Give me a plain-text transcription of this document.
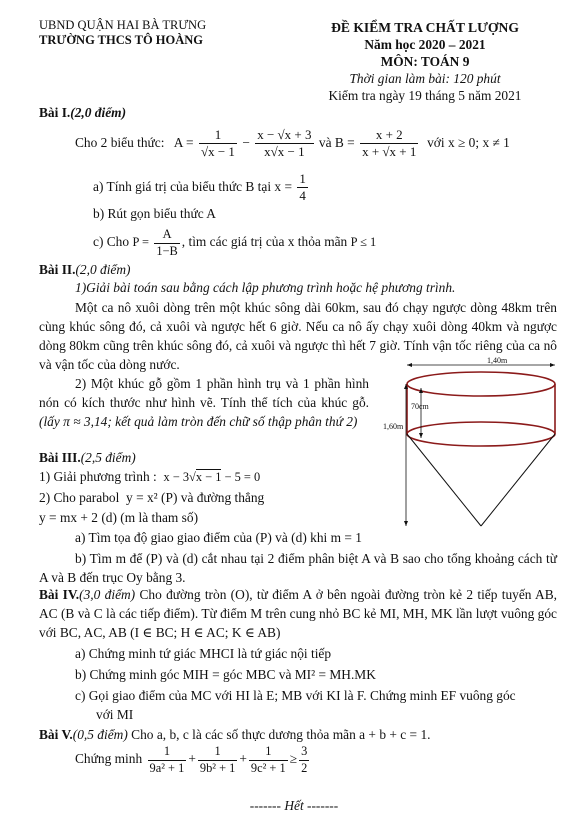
UBND QUẬN HAI BÀ TRƯNG
TRƯỜNG THCS TÔ HOÀNG
ĐỀ KIỂM TRA CHẤT LƯỢNG
Năm học 2020 – 2021
MÔN: TOÁN 9
Thời gian làm bài: 120 phút
Kiểm tra ngày 19 tháng 5 năm 2021
Bài I.(2,0 điểm)
Cho 2 biểu thức: $A = \frac{1}{√x - 1} - \frac{x - √x + 3}{x√x - 1}$ và $B = \frac{x + 2}{x + √x + 1}$ với x ≥ 0; x ≠ 1
a) Tính giá trị của biểu thức B tại $x = \frac{1}{4}$
b) Rút gọn biểu thức A
c) Cho $P = \frac{A}{1-B}$ , tìm các giá trị của x thỏa mãn P ≤ 1
Bài II.(2,0 điểm)
1)Giải bài toán sau bằng cách lập phương trình hoặc hệ phương trình.
Một ca nô xuôi dòng trên một khúc sông dài 60km, sau đó chạy ngược dòng 48km trên cùng khúc sông đó, cả xuôi và ngược hết 6 giờ. Nếu ca nô ấy chạy xuôi dòng 40km và ngược dòng 80km cũng trên khúc sông đó, cả xuôi và ngược thì hết 7 giờ. Tính vận tốc riêng của ca nô và vận tốc của dòng nước.
2) Một khúc gỗ gồm 1 phần hình trụ và 1 phần hình nón có kích thước như hình vẽ. Tính thể tích của khúc gỗ. (lấy π ≈ 3,14; kết quả làm tròn đến chữ số thập phân thứ 2)
1,40m
70cm
1,60m
Bài III.(2,5 điểm)
1) Giải phương trình : x − 3√x − 1 − 5 = 0
2) Cho parabol y = x² (P) và đường thẳng
y = mx + 2 (d) (m là tham số)
a) Tìm tọa độ giao giao điểm của (P) và (d) khi m = 1
b) Tìm m để (P) và (d) cắt nhau tại 2 điểm phân biệt A và B sao cho tổng khoảng cách từ A và B đến trục Oy bằng 3.
Bài IV.(3,0 điểm) Cho đường tròn (O), từ điểm A ở bên ngoài đường tròn kẻ 2 tiếp tuyến AB, AC (B và C là các tiếp điểm). Từ điểm M trên cung nhỏ BC kẻ MI, MH, MK lần lượt vuông góc với BC, AC, AB (I ∈ BC; H ∈ AC; K ∈ AB)
a) Chứng minh tứ giác MHCI là tứ giác nội tiếp
b) Chứng minh góc MIH = góc MBC và MI² = MH.MK
c) Gọi giao điểm của MC với HI là E; MB với KI là F. Chứng minh EF vuông góc
với MI
Bài V.(0,5 điểm) Cho a, b, c là các số thực dương thỏa mãn a + b + c = 1.
Chứng minh $\frac{1}{\text{9a² + 1}} + \frac{1}{\text{9b² + 1}} + \frac{1}{\text{9c² + 1}} \ge \frac{3}{2}$
------- Hết -------
